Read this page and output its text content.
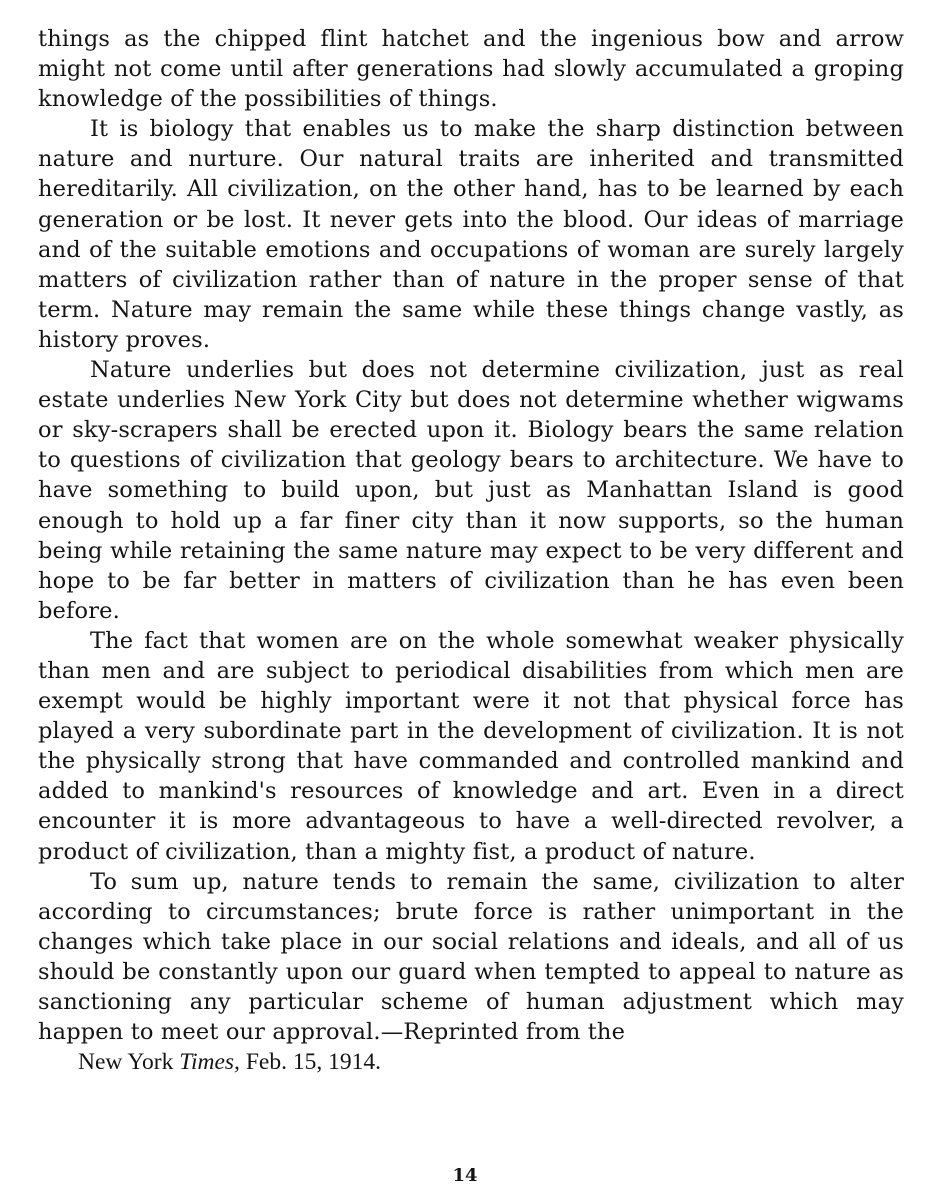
things as the chipped flint hatchet and the ingenious bow and arrow might not come until after generations had slowly accumulated a groping knowledge of the possibilities of things.

It is biology that enables us to make the sharp distinction between nature and nurture. Our natural traits are inherited and transmitted hereditarily. All civilization, on the other hand, has to be learned by each generation or be lost. It never gets into the blood. Our ideas of marriage and of the suitable emotions and occupations of woman are surely largely matters of civilization rather than of nature in the proper sense of that term. Nature may remain the same while these things change vastly, as history proves.

Nature underlies but does not determine civilization, just as real estate underlies New York City but does not determine whether wigwams or sky-scrapers shall be erected upon it. Biology bears the same relation to questions of civilization that geology bears to architecture. We have to have something to build upon, but just as Manhattan Island is good enough to hold up a far finer city than it now supports, so the human being while retaining the same nature may expect to be very different and hope to be far better in matters of civilization than he has even been before.

The fact that women are on the whole somewhat weaker physically than men and are subject to periodical disabilities from which men are exempt would be highly important were it not that physical force has played a very subordinate part in the development of civilization. It is not the physically strong that have commanded and controlled mankind and added to mankind's resources of knowledge and art. Even in a direct encounter it is more advantageous to have a well-directed revolver, a product of civilization, than a mighty fist, a product of nature.

To sum up, nature tends to remain the same, civilization to alter according to circumstances; brute force is rather unimportant in the changes which take place in our social relations and ideals, and all of us should be constantly upon our guard when tempted to appeal to nature as sanctioning any particular scheme of human adjustment which may happen to meet our approval.—Reprinted from the

New York Times, Feb. 15, 1914.

14
